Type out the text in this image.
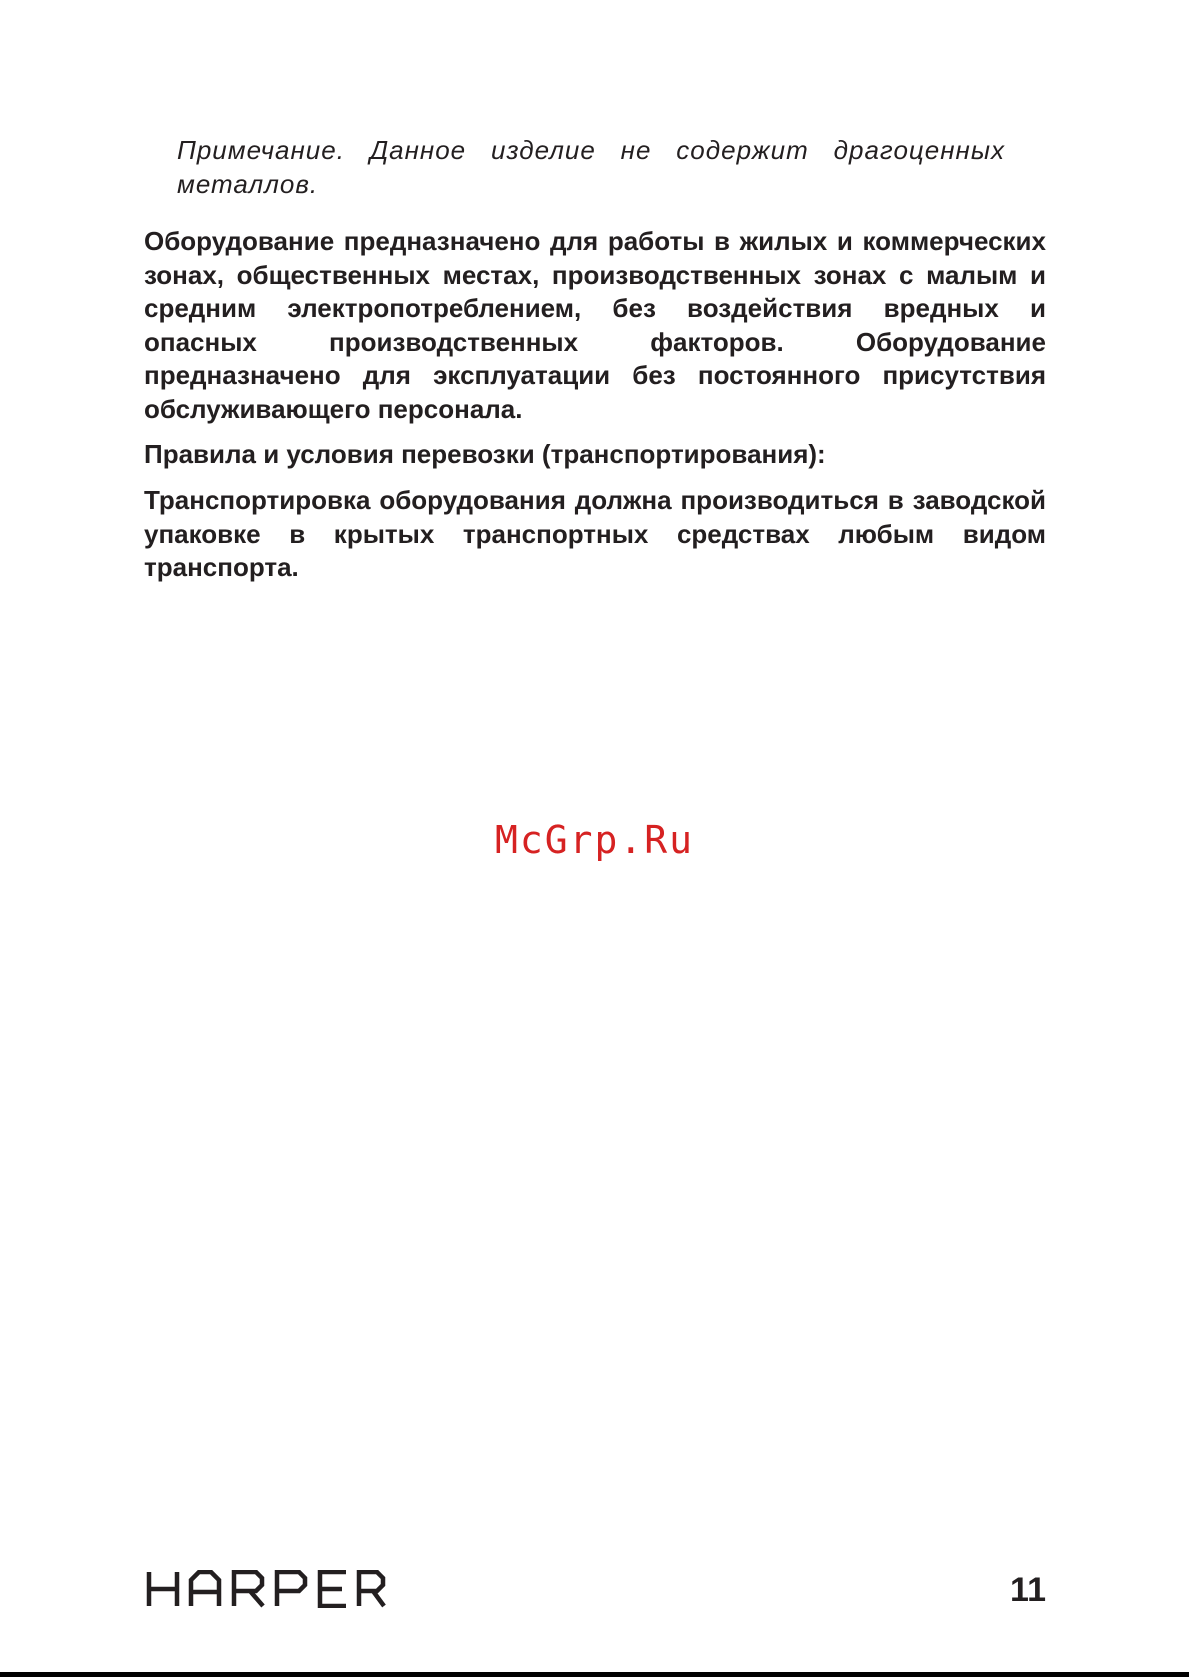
Примечание. Данное изделие не содержит драгоценных металлов.

Оборудование предназначено для работы в жилых и коммерческих зонах, общественных местах, производственных зонах с малым и средним электропотреблением, без воздействия вредных и опасных производственных факторов. Оборудование предназначено для эксплуатации без постоянного присутствия обслуживающего персонала.

Правила и условия перевозки (транспортирования):

Транспортировка оборудования должна производиться в заводской упаковке в крытых транспортных средствах любым видом транспорта.

McGrp.Ru
11
